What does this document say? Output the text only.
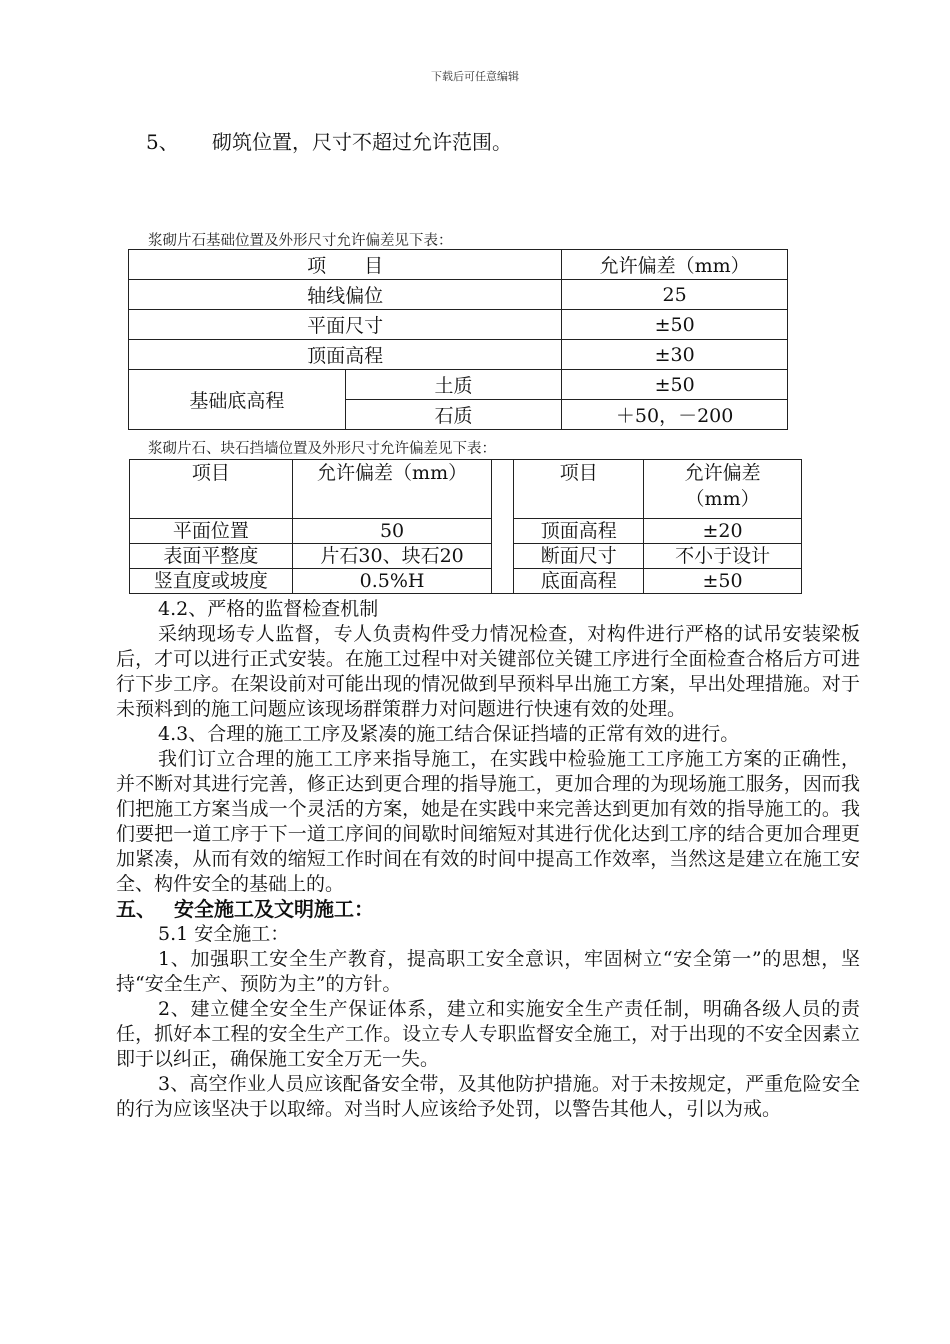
下载后可任意编辑
5、 砌筑位置，尺寸不超过允许范围。
浆砌片石基础位置及外形尺寸允许偏差见下表：
项　　目		允许偏差（mm）
轴线偏位		25
平面尺寸		±50
顶面高程		±30
基础底高程	土质	±50
	石质	＋50，－200
浆砌片石、块石挡墙位置及外形尺寸允许偏差见下表：
项目	允许偏差（mm）		项目	允许偏差
（mm）

平面位置	50		顶面高程	±20
表面平整度	片石30、块石20		断面尺寸	不小于设计
竖直度或坡度	0.5%H		底面高程	±50

4.2、严格的监督检查机制

采纳现场专人监督，专人负责构件受力情况检查，对构件进行严格的试吊安装梁板后，才可以进行正式安装。在施工过程中对关键部位关键工序进行全面检查合格后方可进行下步工序。在架设前对可能出现的情况做到早预料早出施工方案，早出处理措施。对于未预料到的施工问题应该现场群策群力对问题进行快速有效的处理。

4.3、合理的施工工序及紧凑的施工结合保证挡墙的正常有效的进行。

我们订立合理的施工工序来指导施工，在实践中检验施工工序施工方案的正确性，并不断对其进行完善，修正达到更合理的指导施工，更加合理的为现场施工服务，因而我们把施工方案当成一个灵活的方案，她是在实践中来完善达到更加有效的指导施工的。我们要把一道工序于下一道工序间的间歇时间缩短对其进行优化达到工序的结合更加合理更加紧凑，从而有效的缩短工作时间在有效的时间中提高工作效率，当然这是建立在施工安全、构件安全的基础上的。

五、 安全施工及文明施工：

5.1 安全施工：

1、加强职工安全生产教育，提高职工安全意识，牢固树立“安全第一”的思想，坚持“安全生产、预防为主”的方针。

2、建立健全安全生产保证体系，建立和实施安全生产责任制，明确各级人员的责任，抓好本工程的安全生产工作。设立专人专职监督安全施工，对于出现的不安全因素立即于以纠正，确保施工安全万无一失。

3、高空作业人员应该配备安全带，及其他防护措施。对于未按规定，严重危险安全的行为应该坚决于以取缔。对当时人应该给予处罚，以警告其他人，引以为戒。
